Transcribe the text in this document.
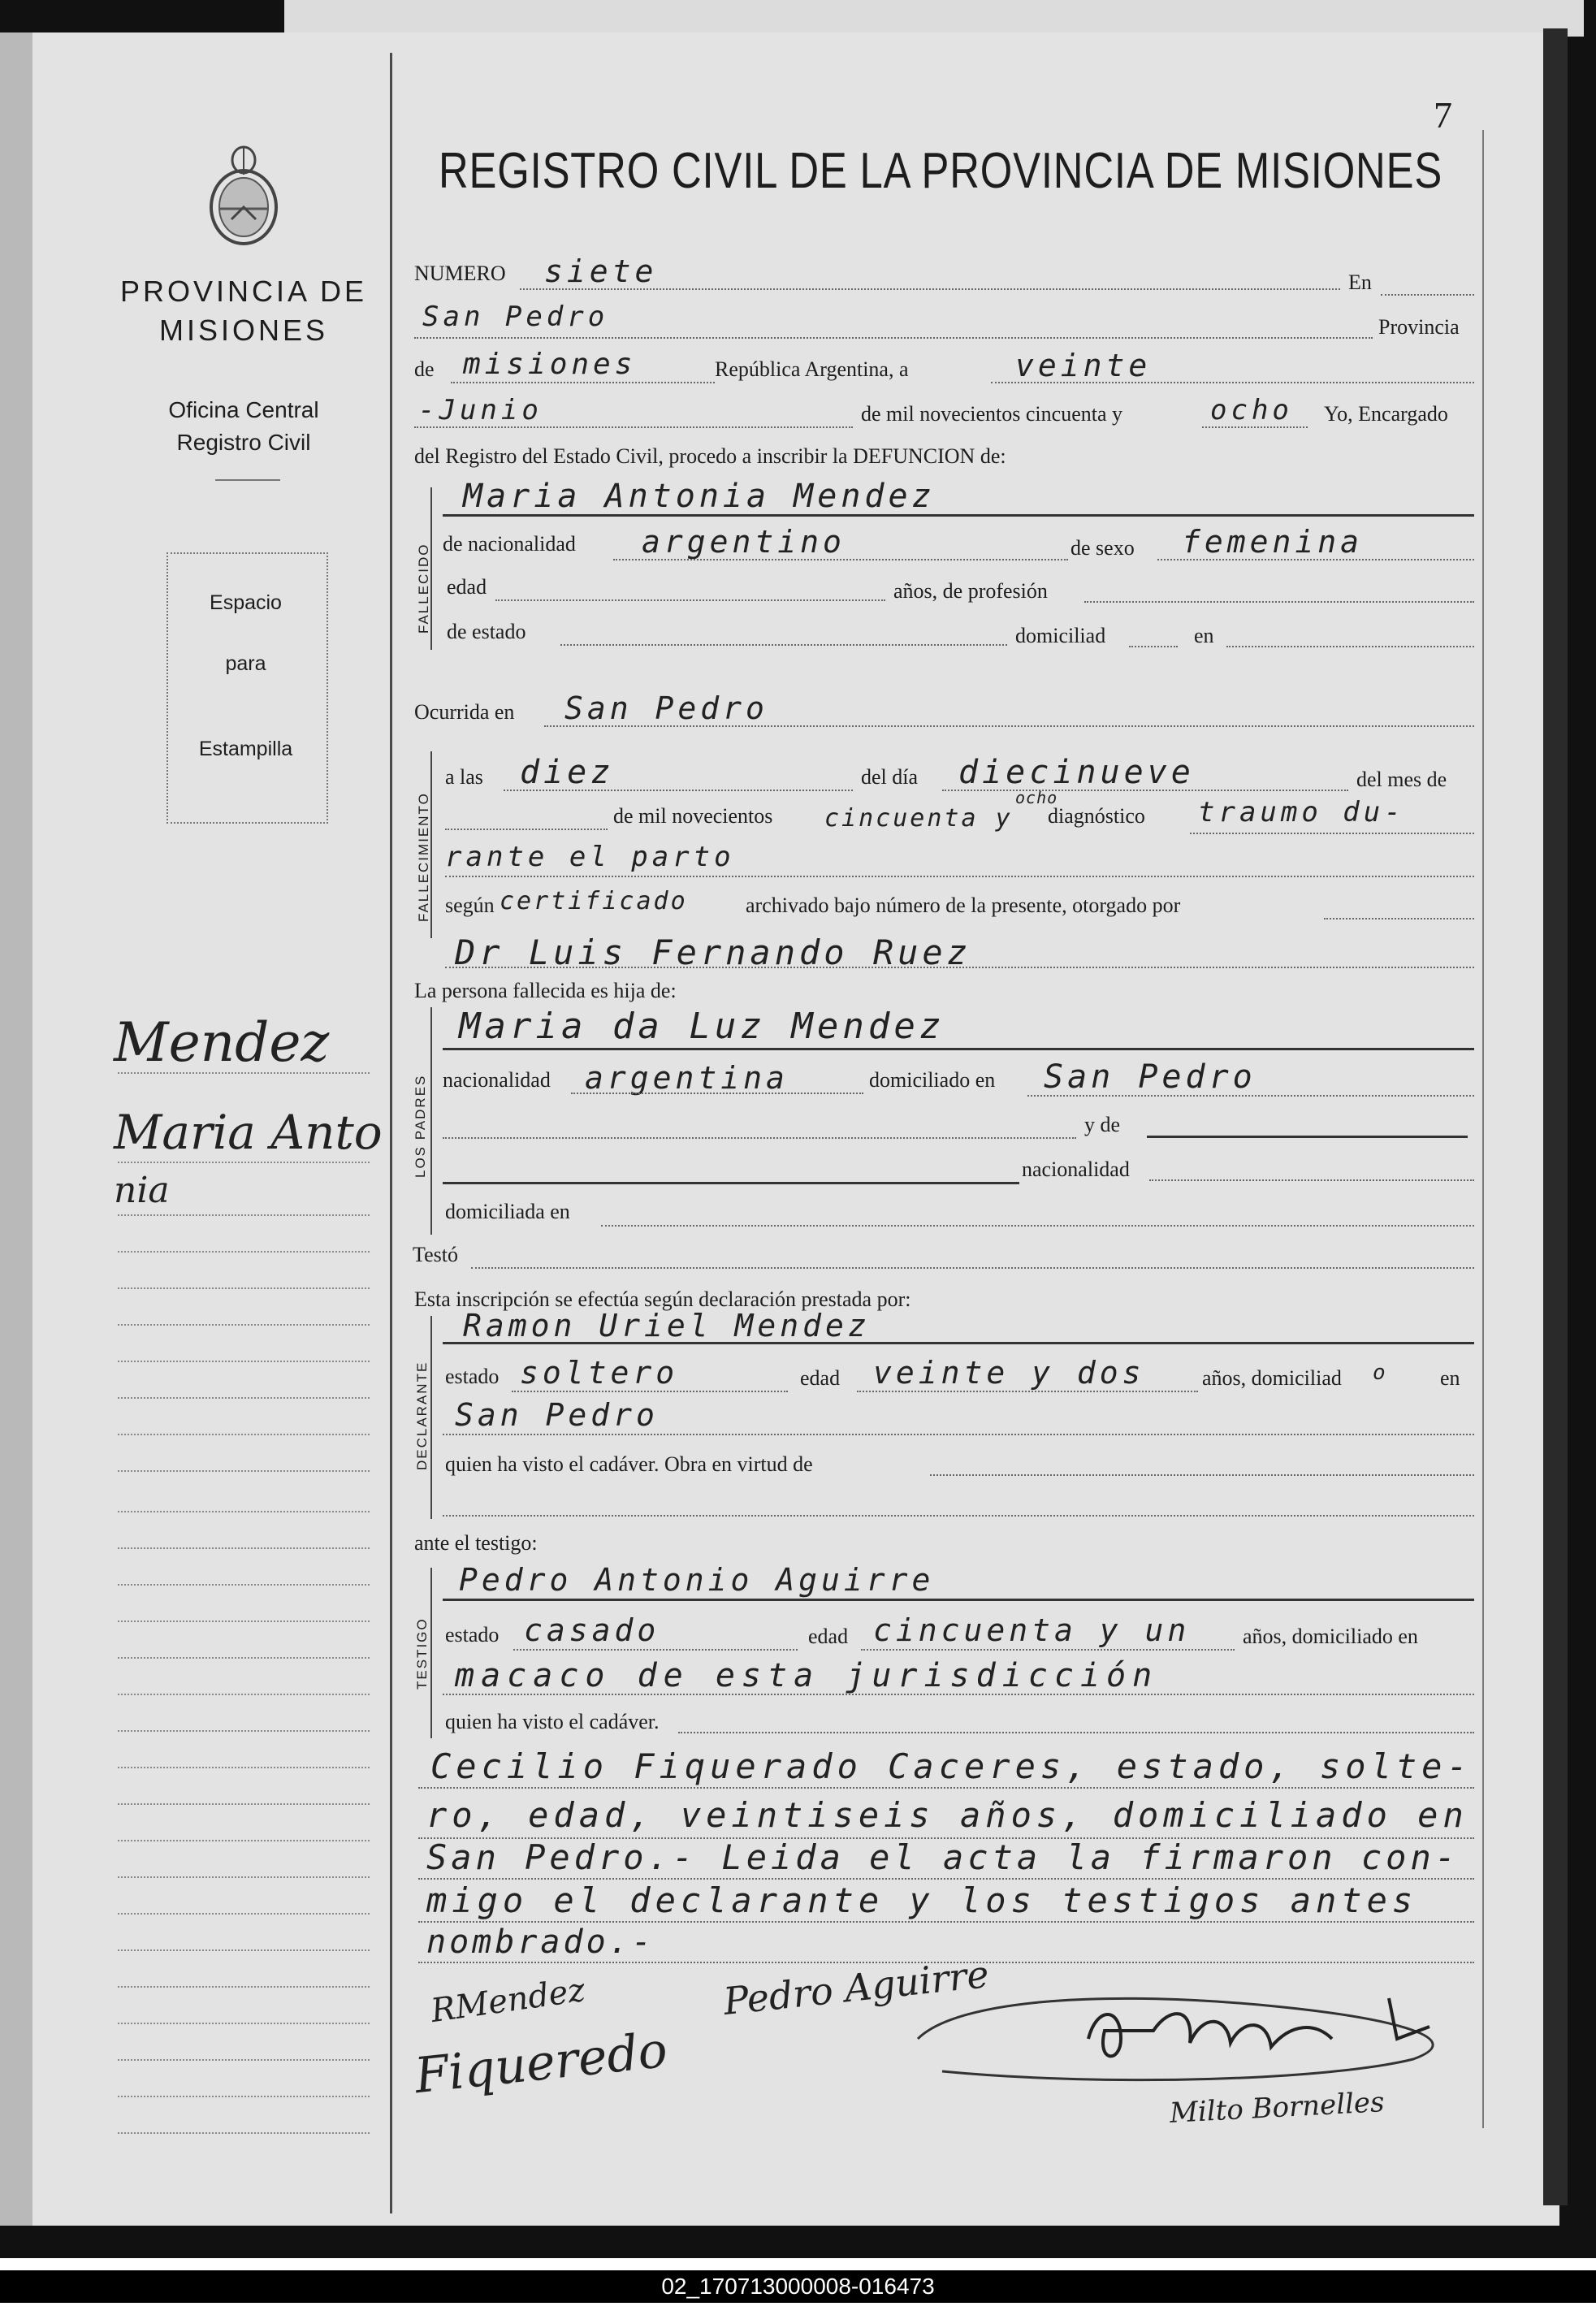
7
REGISTRO CIVIL DE LA PROVINCIA DE MISIONES
PROVINCIA DE
MISIONES
Oficina Central
Registro Civil
Espacio
para
Estampilla
Mendez
Maria Anto
nia
NUMERO siete	En
San Pedro	Provincia
de misiones	República Argentina, a	veinte
-Junio	de mil novecientos cincuenta y	ocho Yo, Encargado
del Registro del Estado Civil, procedo a inscribir la DEFUNCION de:
FALLECIDO
Maria Antonia Mendez
de nacionalidad argentino	de sexo femenina
edad	años, de profesión
de estado	domiciliad	en
Ocurrida en San Pedro
FALLECIMIENTO
a las diez	del día diecinueve	del mes de
de mil novecientos cincuenta y
ocho
diagnóstico traumo du-
rante el parto
según certificado	archivado bajo número de la presente, otorgado por
Dr Luis Fernando Ruez
La persona fallecida es hija de:
LOS PADRES
Maria da Luz Mendez
nacionalidad argentina	domiciliado en San Pedro
y de
nacionalidad
domiciliada en
Testó
Esta inscripción se efectúa según declaración prestada por:
DECLARANTE
Ramon Uriel Mendez
estado soltero	edad veinte y dos	años, domiciliad o en
San Pedro
quien ha visto el cadáver. Obra en virtud de
ante el testigo:
TESTIGO
Pedro Antonio Aguirre
estado casado	edad cincuenta y un años, domiciliado en
macaco de esta jurisdicción
quien ha visto el cadáver.
Cecilio Fiquerado Caceres, estado, solte-
ro, edad, veintiseis años, domiciliado en
San Pedro.- Leida el acta la firmaron con-
migo el declarante y los testigos antes
nombrado.-
RMendez	Pedro Aguirre
Fiqueredo
Milto Bornelles
02_170713000008-016473
